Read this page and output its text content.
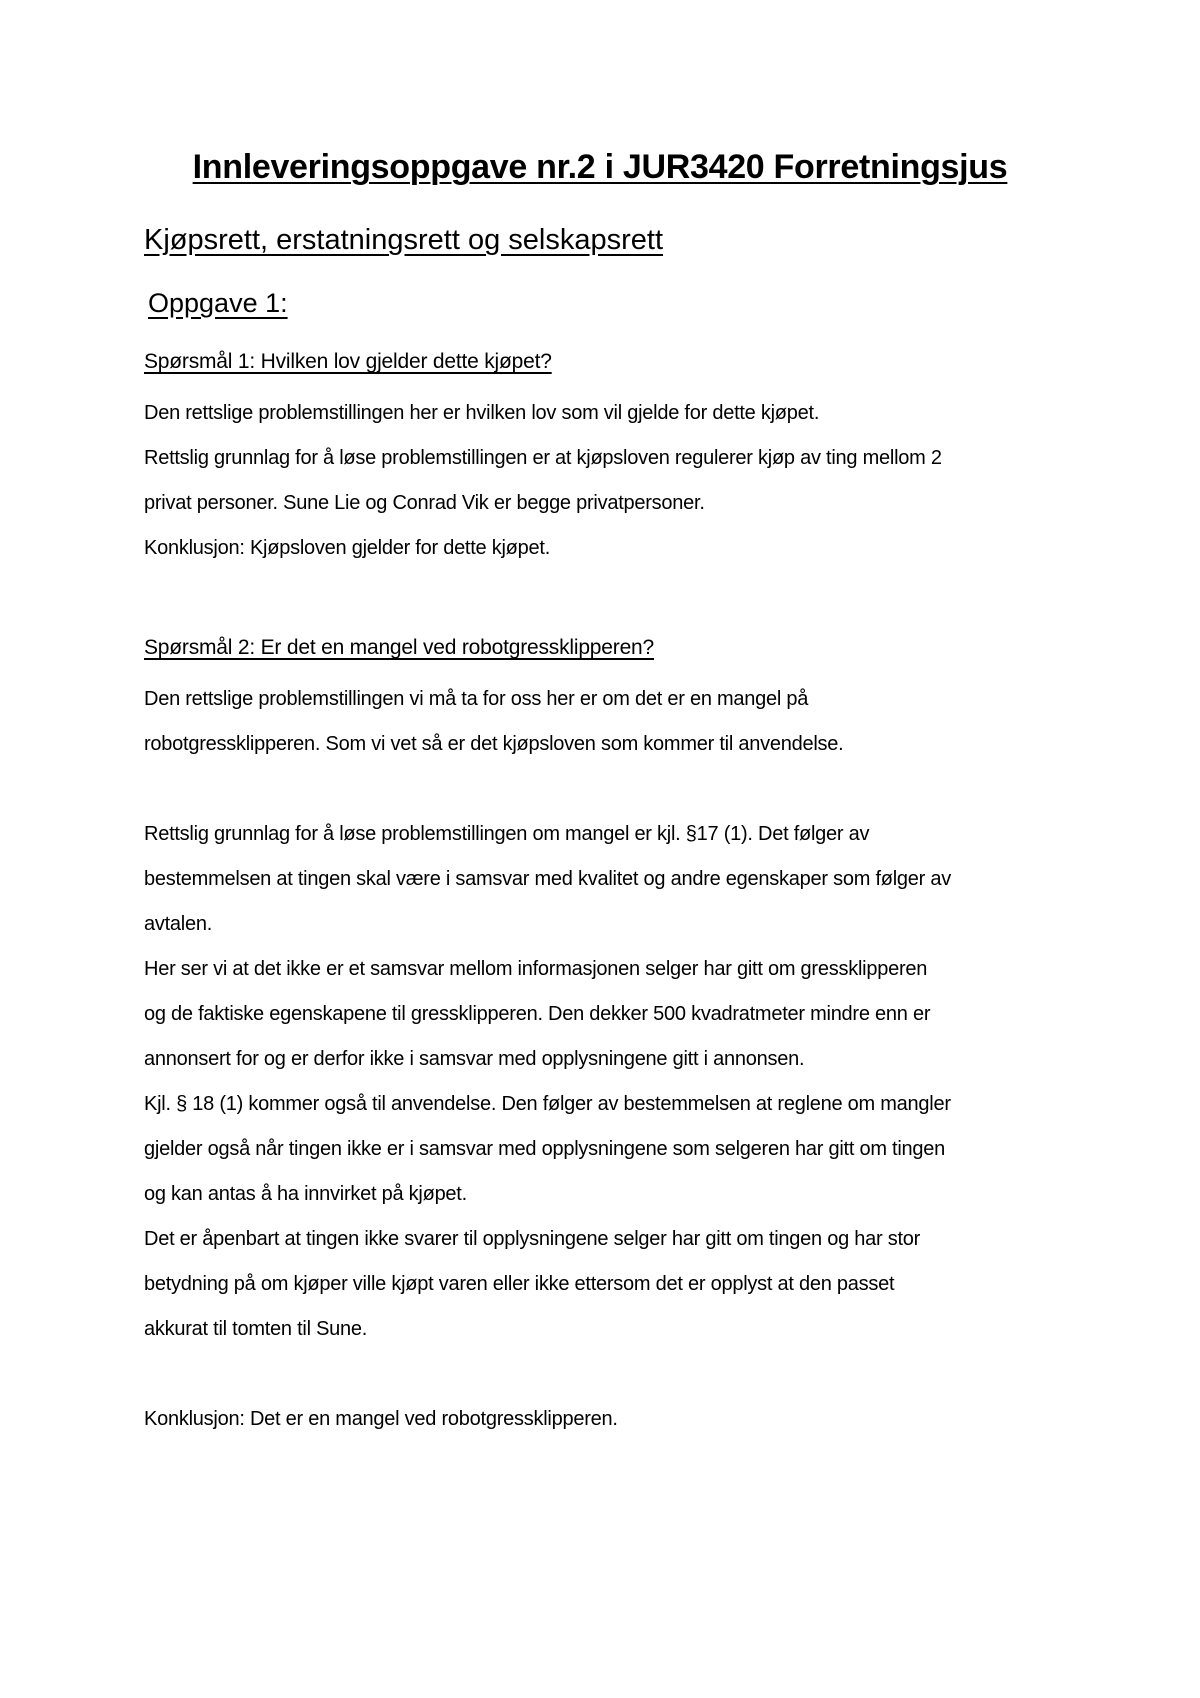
Innleveringsoppgave nr.2 i JUR3420 Forretningsjus
Kjøpsrett, erstatningsrett og selskapsrett
Oppgave 1:

Spørsmål 1: Hvilken lov gjelder dette kjøpet?

Den rettslige problemstillingen her er hvilken lov som vil gjelde for dette kjøpet.

Rettslig grunnlag for å løse problemstillingen er at kjøpsloven regulerer kjøp av ting mellom 2

privat personer. Sune Lie og Conrad Vik er begge privatpersoner.

Konklusjon: Kjøpsloven gjelder for dette kjøpet.

Spørsmål 2: Er det en mangel ved robotgressklipperen?

Den rettslige problemstillingen vi må ta for oss her er om det er en mangel på

robotgressklipperen. Som vi vet så er det kjøpsloven som kommer til anvendelse.

Rettslig grunnlag for å løse problemstillingen om mangel er kjl. §17 (1). Det følger av

bestemmelsen at tingen skal være i samsvar med kvalitet og andre egenskaper som følger av

avtalen.

Her ser vi at det ikke er et samsvar mellom informasjonen selger har gitt om gressklipperen

og de faktiske egenskapene til gressklipperen. Den dekker 500 kvadratmeter mindre enn er

annonsert for og er derfor ikke i samsvar med opplysningene gitt i annonsen.

Kjl. § 18 (1) kommer også til anvendelse. Den følger av bestemmelsen at reglene om mangler

gjelder også når tingen ikke er i samsvar med opplysningene som selgeren har gitt om tingen

og kan antas å ha innvirket på kjøpet.

Det er åpenbart at tingen ikke svarer til opplysningene selger har gitt om tingen og har stor

betydning på om kjøper ville kjøpt varen eller ikke ettersom det er opplyst at den passet

akkurat til tomten til Sune.

Konklusjon: Det er en mangel ved robotgressklipperen.
